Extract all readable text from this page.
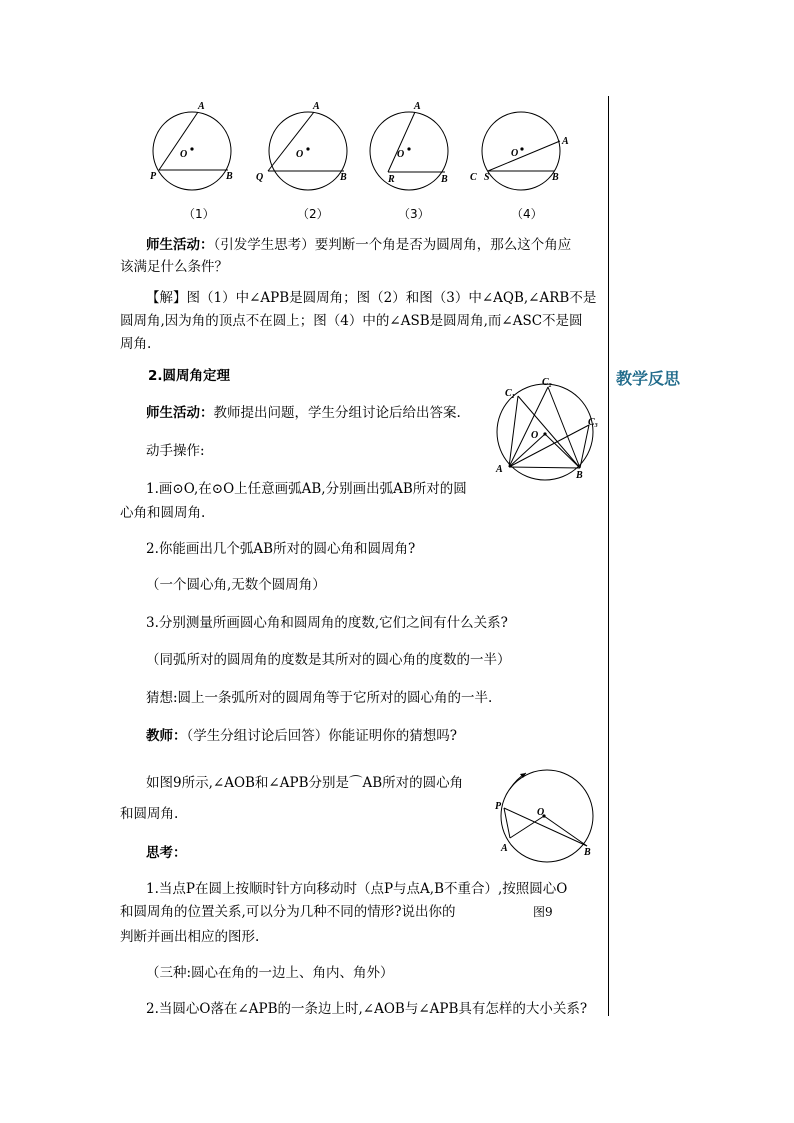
A
O
P	B
A
O
Q	B
A
O
R	B
A
O
C S	B
（1）	（2）	（3）	（4）
师生活动：（引发学生思考）要判断一个角是否为圆周角，那么这个角应
该满足什么条件？
【解】图（1）中∠APB是圆周角；图（2）和图（3）中∠AQB,∠ARB不是
圆周角,因为角的顶点不在圆上；图（4）中的∠ASB是圆周角,而∠ASC不是圆
周角.
2.圆周角定理
师生活动：教师提出问题，学生分组讨论后给出答案.
动手操作:
1.画⊙O,在⊙O上任意画弧AB,分别画出弧AB所对的圆
心角和圆周角.
2.你能画出几个弧AB所对的圆心角和圆周角?
（一个圆心角,无数个圆周角）
3.分别测量所画圆心角和圆周角的度数,它们之间有什么关系?
（同弧所对的圆周角的度数是其所对的圆心角的度数的一半）
猜想:圆上一条弧所对的圆周角等于它所对的圆心角的一半.
教师：（学生分组讨论后回答）你能证明你的猜想吗?
如图9所示,∠AOB和∠APB分别是⌒AB所对的圆心角
和圆周角.
思考：
1.当点P在圆上按顺时针方向移动时（点P与点A,B不重合）,按照圆心O
和圆周角的位置关系,可以分为几种不同的情形?说出你的
判断并画出相应的图形.
（三种:圆心在角的一边上、角内、角外）
2.当圆心O落在∠APB的一条边上时,∠AOB与∠APB具有怎样的大小关系?
$C_1$
$C_2$
$C_3$
O
A
B
P
O
A	B
图9
教学反思
